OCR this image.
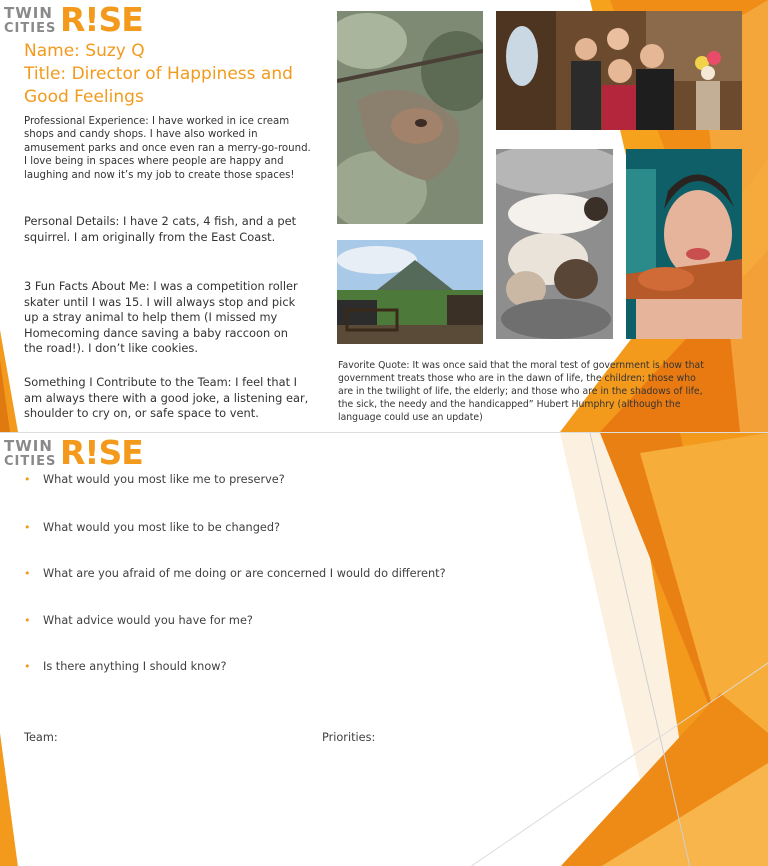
TWIN
CITIES R!SE
Name: Suzy Q
Title: Director of Happiness and Good Feelings
Professional Experience: I have worked in ice cream shops and candy shops. I have also worked in amusement parks and once even ran a merry-go-round. I love being in spaces where people are happy and laughing and now it’s my job to create those spaces!
Personal Details: I have 2 cats, 4 fish, and a pet squirrel. I am originally from the East Coast.
3 Fun Facts About Me: I was a competition roller skater until I was 15. I will always stop and pick up a stray animal to help them (I missed my Homecoming dance saving a baby raccoon on the road!). I don’t like cookies.
Something I Contribute to the Team: I feel that I am always there with a good joke, a listening ear, shoulder to cry on, or safe space to vent.
Favorite Quote: It was once said that the moral test of government is how that government treats those who are in the dawn of life, the children; those who are in the twilight of life, the elderly; and those who are in the shadows of life, the sick, the needy and the handicapped” Hubert Humphry (although the language could use an update)
TWIN
CITIES R!SE
• What would you most like me to preserve?
• What would you most like to be changed?
• What are you afraid of me doing or are concerned I would do different?
• What advice would you have for me?
• Is there anything I should know?
Team:	Priorities:
